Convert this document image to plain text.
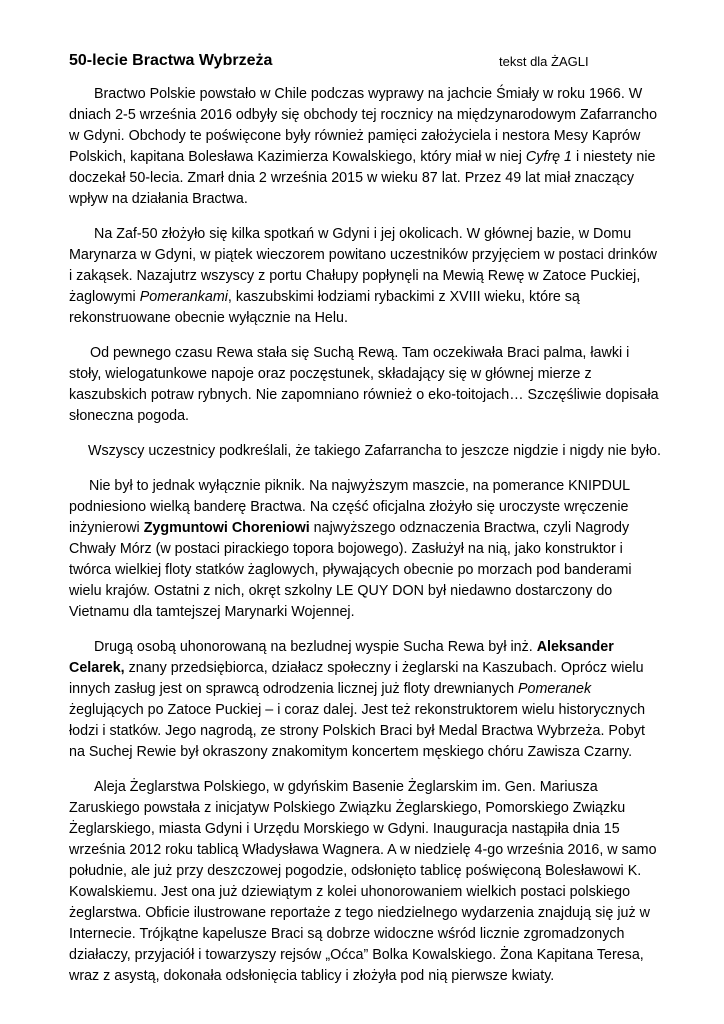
50-lecie Bractwa Wybrzeża	tekst dla ŻAGLI

Bractwo Polskie powstało w Chile podczas wyprawy na jachcie Śmiały w roku 1966. W dniach 2-5 września 2016 odbyły się obchody tej rocznicy na międzynarodowym Zafarrancho w Gdyni. Obchody te poświęcone były również pamięci założyciela i nestora Mesy Kaprów Polskich, kapitana Bolesława Kazimierza Kowalskiego, który miał w niej Cyfrę 1 i niestety nie doczekał 50-lecia. Zmarł dnia 2 września 2015 w wieku 87 lat. Przez 49 lat miał znaczący wpływ na działania Bractwa.

Na Zaf-50 złożyło się kilka spotkań w Gdyni i jej okolicach. W głównej bazie, w Domu Marynarza w Gdyni, w piątek wieczorem powitano uczestników przyjęciem w postaci drinków i zakąsek. Nazajutrz wszyscy z portu Chałupy popłynęli na Mewią Rewę w Zatoce Puckiej, żaglowymi Pomerankami, kaszubskimi łodziami rybackimi z XVIII wieku, które są rekonstruowane obecnie wyłącznie na Helu.

Od pewnego czasu Rewa stała się Suchą Rewą. Tam oczekiwała Braci palma, ławki i stoły, wielogatunkowe napoje oraz poczęstunek, składający się w głównej mierze z kaszubskich potraw rybnych. Nie zapomniano również o eko-toitojach… Szczęśliwie dopisała słoneczna pogoda.

Wszyscy uczestnicy podkreślali, że takiego Zafarrancha to jeszcze nigdzie i nigdy nie było.

Nie był to jednak wyłącznie piknik. Na najwyższym maszcie, na pomerance KNIPDUL podniesiono wielką banderę Bractwa. Na część oficjalna złożyło się uroczyste wręczenie inżynierowi Zygmuntowi Choreniowi najwyższego odznaczenia Bractwa, czyli Nagrody Chwały Mórz (w postaci pirackiego topora bojowego). Zasłużył na nią, jako konstruktor i twórca wielkiej floty statków żaglowych, pływających obecnie po morzach pod banderami wielu krajów. Ostatni z nich, okręt szkolny LE QUY DON był niedawno dostarczony do Vietnamu dla tamtejszej Marynarki Wojennej.

Drugą osobą uhonorowaną na bezludnej wyspie Sucha Rewa był inż. Aleksander Celarek, znany przedsiębiorca, działacz społeczny i żeglarski na Kaszubach. Oprócz wielu innych zasług jest on sprawcą odrodzenia licznej już floty drewnianych Pomeranek żeglujących po Zatoce Puckiej – i coraz dalej. Jest też rekonstruktorem wielu historycznych łodzi i statków. Jego nagrodą, ze strony Polskich Braci był Medal Bractwa Wybrzeża. Pobyt na Suchej Rewie był okraszony znakomitym koncertem męskiego chóru Zawisza Czarny.

Aleja Żeglarstwa Polskiego, w gdyńskim Basenie Żeglarskim im. Gen. Mariusza Zaruskiego powstała z inicjatyw Polskiego Związku Żeglarskiego, Pomorskiego Związku Żeglarskiego, miasta Gdyni i Urzędu Morskiego w Gdyni. Inauguracja nastąpiła dnia 15 września 2012 roku tablicą Władysława Wagnera. A w niedzielę 4-go września 2016, w samo południe, ale już przy deszczowej pogodzie, odsłonięto tablicę poświęconą Bolesławowi K. Kowalskiemu. Jest ona już dziewiątym z kolei uhonorowaniem wielkich postaci polskiego żeglarstwa. Obficie ilustrowane reportaże z tego niedzielnego wydarzenia znajdują się już w Internecie. Trójkątne kapelusze Braci są dobrze widoczne wśród licznie zgromadzonych działaczy, przyjaciół i towarzyszy rejsów „Oćca” Bolka Kowalskiego. Żona Kapitana Teresa, wraz z asystą, dokonała odsłonięcia tablicy i złożyła pod nią pierwsze kwiaty.
